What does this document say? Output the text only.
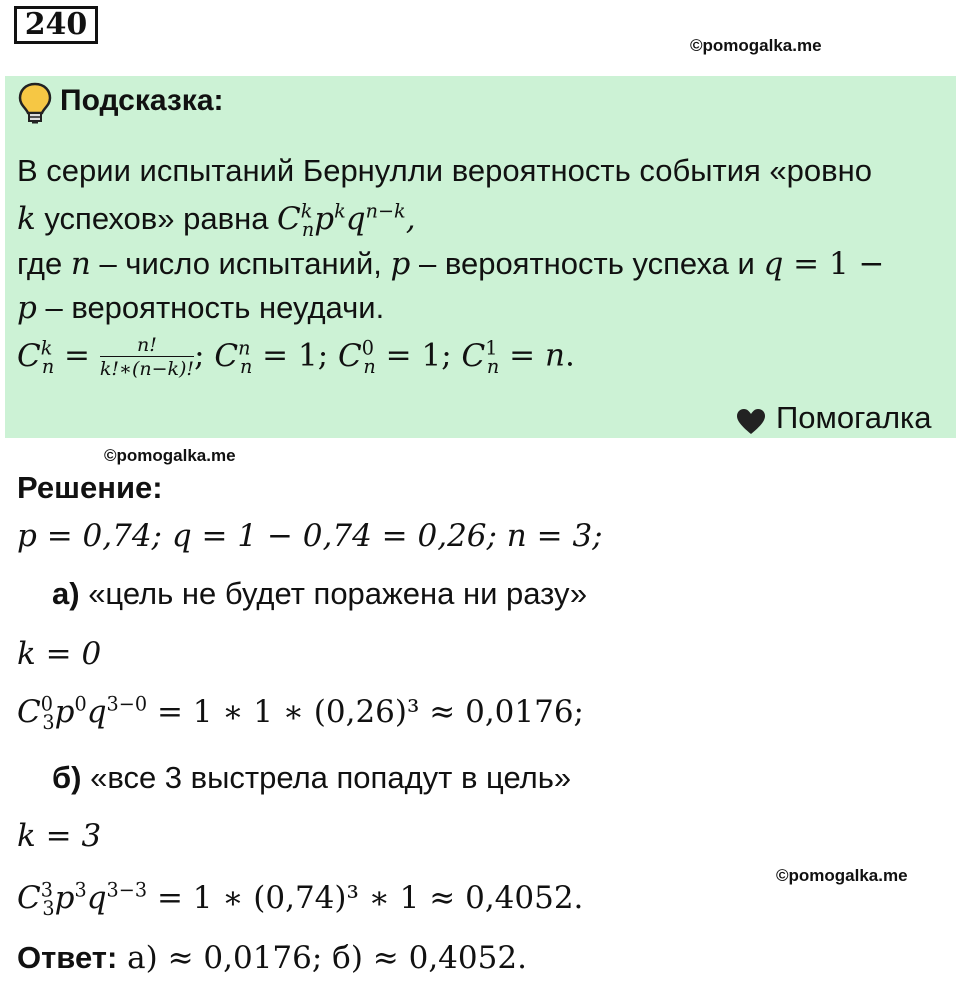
240
©pomogalka.me
Подсказка:
В серии испытаний Бернулли вероятность события «ровно
k успехов» равна $C^k_np^kq^{n-k}$,
где n – число испытаний, p – вероятность успеха и q = 1 −
p – вероятность неудачи.
$C^k_n = \frac{n!}{k!∗(n-k)!}$ ; $C^n_n = 1$; $C^0_n = 1$; $C^1_n = n$.
Помогалка
©pomogalka.me
Решение:
p = 0,74; q = 1 − 0,74 = 0,26; n = 3;
а) «цель не будет поражена ни разу»
k = 0
$C^0_3p^0q^{3-0} = 1$ ∗ 1 ∗ (0,26)³ ≈ 0,0176;
б) «все 3 выстрела попадут в цель»
k = 3
©pomogalka.me
$C^3_3p^3q^{3-3} = 1$ ∗ (0,74)³ ∗ 1 ≈ 0,4052.
Ответ: а) ≈ 0,0176; б) ≈ 0,4052.
